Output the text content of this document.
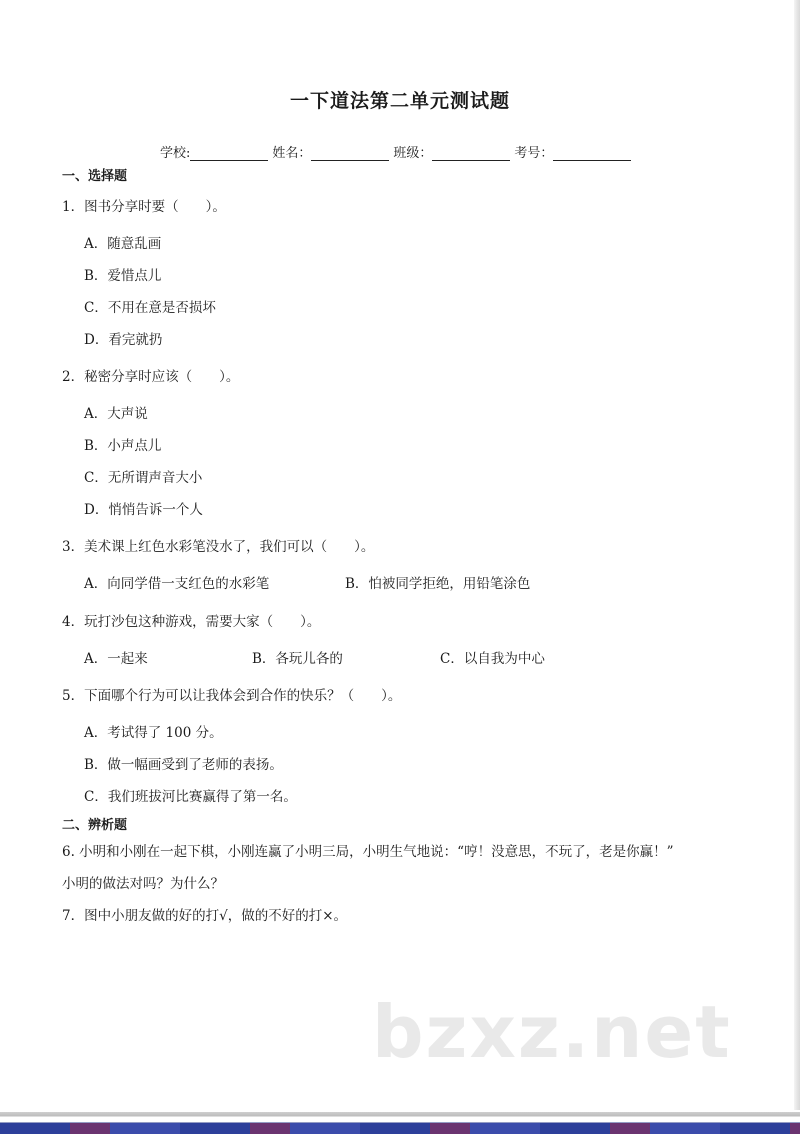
一下道法第二单元测试题
学校:	姓名：	班级：	考号：
一、选择题
1．图书分享时要（　　）。
A．随意乱画
B．爱惜点儿
C．不用在意是否损坏
D．看完就扔
2．秘密分享时应该（　　）。
A．大声说
B．小声点儿
C．无所谓声音大小
D．悄悄告诉一个人
3．美术课上红色水彩笔没水了，我们可以（　　）。
A．向同学借一支红色的水彩笔	B．怕被同学拒绝，用铅笔涂色
4．玩打沙包这种游戏，需要大家（　　）。
A．一起来	B．各玩儿各的	C．以自我为中心
5．下面哪个行为可以让我体会到合作的快乐？（　　）。
A．考试得了 100 分。
B．做一幅画受到了老师的表扬。
C．我们班拔河比赛赢得了第一名。
二、辨析题
6. 小明和小刚在一起下棋，小刚连赢了小明三局，小明生气地说：“哼！没意思，不玩了，老是你赢！”
小明的做法对吗？为什么？
7．图中小朋友做的好的打√，做的不好的打×。
bzxz.net
